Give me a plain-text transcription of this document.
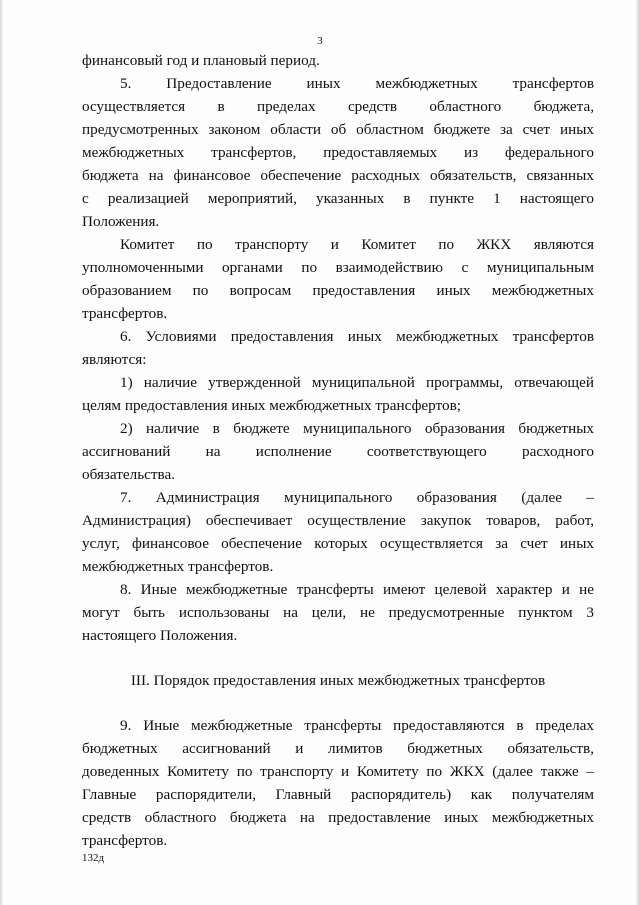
3
финансовый год и плановый период.
5. Предоставление иных межбюджетных трансфертов
осуществляется в пределах средств областного бюджета,
предусмотренных законом области об областном бюджете за счет иных
межбюджетных трансфертов, предоставляемых из федерального
бюджета на финансовое обеспечение расходных обязательств, связанных
с реализацией мероприятий, указанных в пункте 1 настоящего
Положения.
Комитет по транспорту и Комитет по ЖКХ являются
уполномоченными органами по взаимодействию с муниципальным
образованием по вопросам предоставления иных межбюджетных
трансфертов.
6. Условиями предоставления иных межбюджетных трансфертов
являются:
1) наличие утвержденной муниципальной программы, отвечающей
целям предоставления иных межбюджетных трансфертов;
2) наличие в бюджете муниципального образования бюджетных
ассигнований на исполнение соответствующего расходного
обязательства.
7. Администрация муниципального образования (далее –
Администрация) обеспечивает осуществление закупок товаров, работ,
услуг, финансовое обеспечение которых осуществляется за счет иных
межбюджетных трансфертов.
8. Иные межбюджетные трансферты имеют целевой характер и не
могут быть использованы на цели, не предусмотренные пунктом 3
настоящего Положения.
III. Порядок предоставления иных межбюджетных трансфертов
9. Иные межбюджетные трансферты предоставляются в пределах
бюджетных ассигнований и лимитов бюджетных обязательств,
доведенных Комитету по транспорту и Комитету по ЖКХ (далее также –
Главные распорядители, Главный распорядитель) как получателям
средств областного бюджета на предоставление иных межбюджетных
трансфертов.
132д
